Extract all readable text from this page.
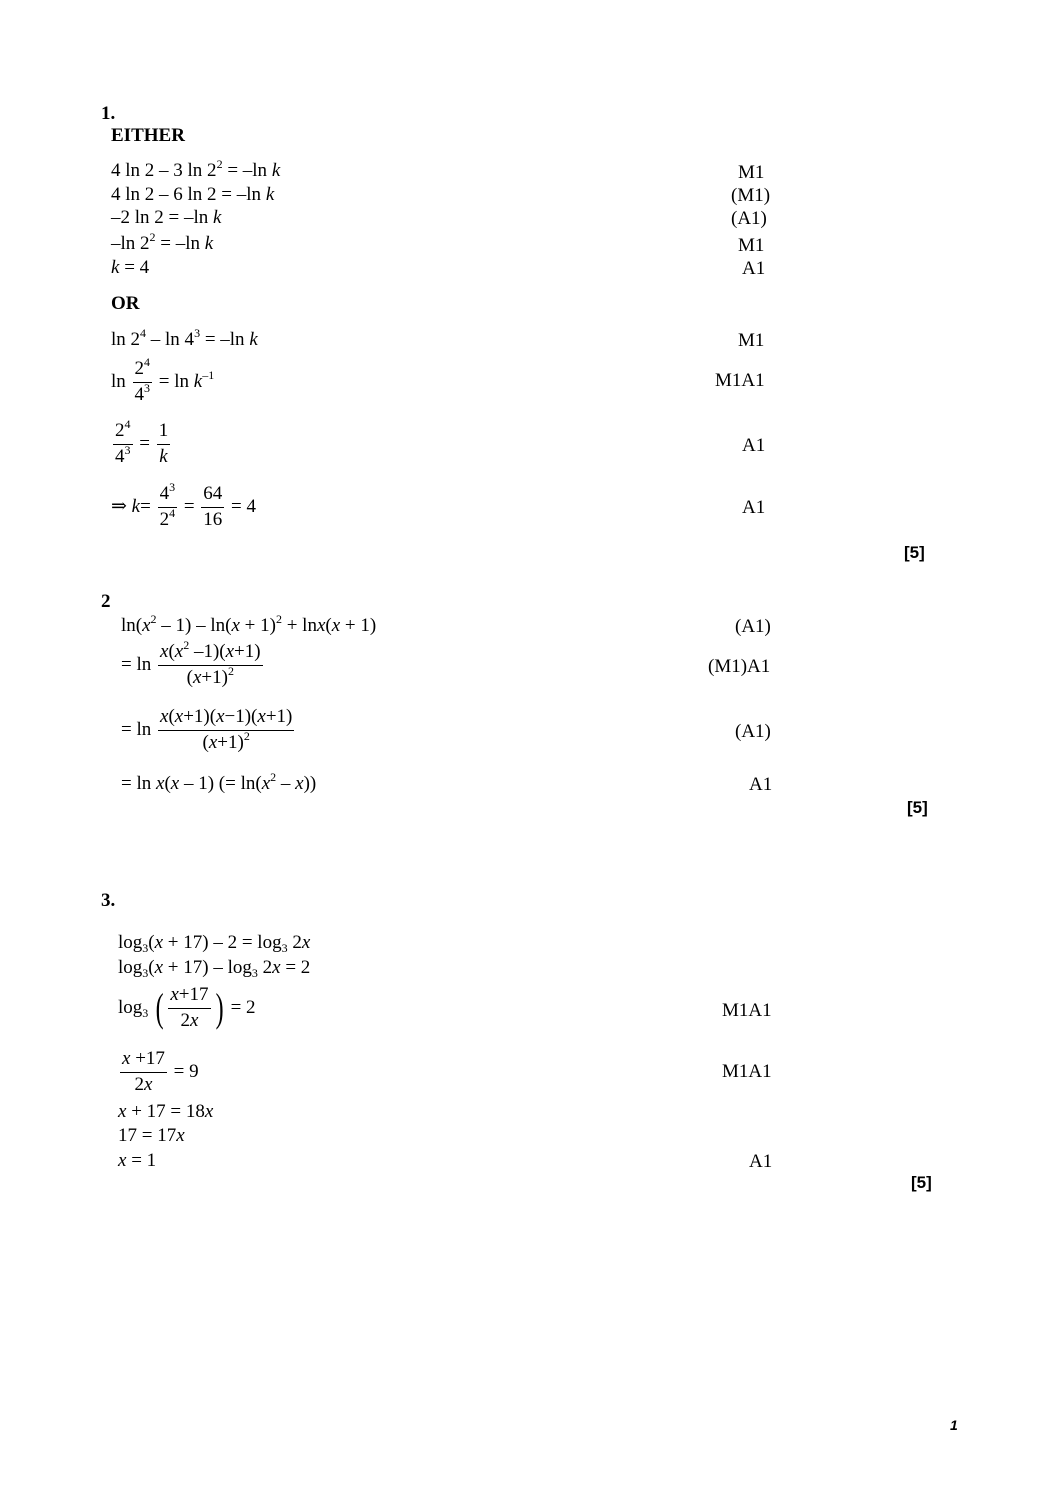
1.
EITHER
4 ln 2 – 3 $\ln 2^2 = -\ln$ k	M1
4 ln 2 – 6 ln 2 = –ln k	(M1)
–2 ln 2 = –ln k	(A1)
–ln $2^2 = -\ln$ k	M1
k = 4	A1
OR
$\ln 2^4 - \ln 4^3 = -\ln$ k	M1
$\ln \frac{2^4}{4^3} = \ln k^{-1}$	M1A1
$\frac{2^4}{4^3} = \frac{1}{k}$	A1
⇒ $k= \frac{4^3}{2^4} = \frac{64}{16} = 4$	A1
[5]
2
$\ln(x^2 - 1) - \ln(x + 1)^2 + \ln x(x + 1)$	(A1)
= $\ln \frac{x(x^2 -1)(x+1)}{(x+1)^2}$	(M1)A1
= $\ln \frac{x(x+1)(x-1)(x+1)}{(x+1)^2}$	(A1)
= ln x(x – 1) (= $\ln(x^2 - x)$)	A1
[5]
3.
$\log_3(x + 17) - 2 = \log_3 2x$
$\log_3(x + 17) - \log_3 2x = 2$
$\log_3$ ( $\frac{x+17}{2x}$ ) = 2	M1A1
$\frac{x +17}{2x} = 9$	M1A1
x + 17 = 18x
17 = 17x
x = 1	A1
[5]
1
